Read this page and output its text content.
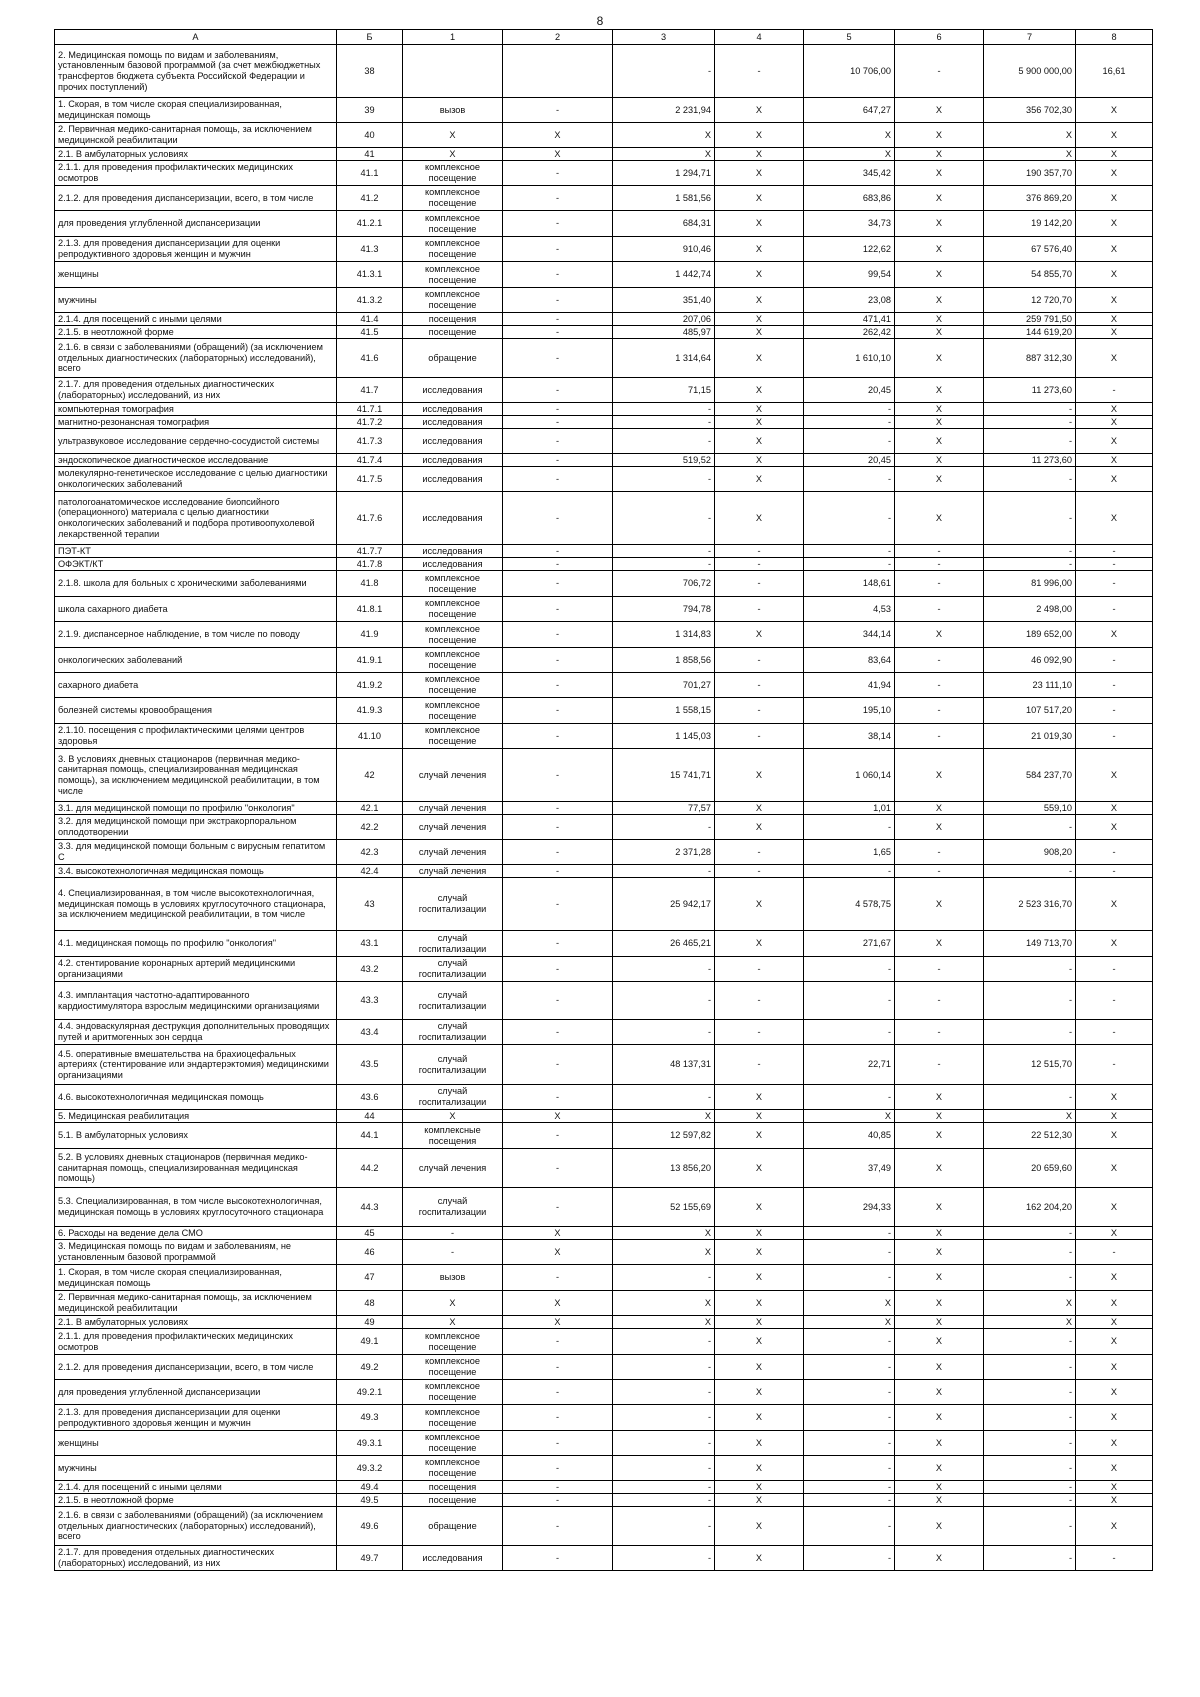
8
А	Б	1	2	3	4	5	6	7	8
2. Медицинская помощь по видам и заболеваниям, установленным базовой программой (за счет межбюджетных трансфертов бюджета субъекта Российской Федерации и прочих поступлений)	38			-	-	10 706,00	-	5 900 000,00	16,61
1. Скорая, в том числе скорая специализированная, медицинская помощь	39	вызов	-	2 231,94	X	647,27	X	356 702,30	X
2. Первичная медико-санитарная помощь, за исключением медицинской реабилитации	40	X	X	X	X	X	X	X	X
2.1. В амбулаторных условиях	41	X	X	X	X	X	X	X	X
2.1.1. для проведения профилактических медицинских осмотров	41.1	комплексное посещение	-	1 294,71	X	345,42	X	190 357,70	X
2.1.2. для проведения диспансеризации, всего, в том числе	41.2	комплексное посещение	-	1 581,56	X	683,86	X	376 869,20	X
для проведения углубленной диспансеризации	41.2.1	комплексное посещение	-	684,31	X	34,73	X	19 142,20	X
2.1.3. для проведения диспансеризации для оценки репродуктивного здоровья женщин и мужчин	41.3	комплексное посещение	-	910,46	X	122,62	X	67 576,40	X
женщины	41.3.1	комплексное посещение	-	1 442,74	X	99,54	X	54 855,70	X
мужчины	41.3.2	комплексное посещение	-	351,40	X	23,08	X	12 720,70	X
2.1.4. для посещений с иными целями	41.4	посещения	-	207,06	X	471,41	X	259 791,50	X
2.1.5. в неотложной форме	41.5	посещение	-	485,97	X	262,42	X	144 619,20	X
2.1.6. в связи с заболеваниями (обращений) (за исключением отдельных диагностических (лабораторных) исследований), всего	41.6	обращение	-	1 314,64	X	1 610,10	X	887 312,30	X
2.1.7. для проведения отдельных диагностических (лабораторных) исследований, из них	41.7	исследования	-	71,15	X	20,45	X	11 273,60	-
компьютерная томография	41.7.1	исследования	-	-	X	-	X	-	X
магнитно-резонансная томография	41.7.2	исследования	-	-	X	-	X	-	X
ультразвуковое исследование сердечно-сосудистой системы	41.7.3	исследования	-	-	X	-	X	-	X
эндоскопическое диагностическое исследование	41.7.4	исследования	-	519,52	X	20,45	X	11 273,60	X
молекулярно-генетическое исследование с целью диагностики онкологических заболеваний	41.7.5	исследования	-	-	X	-	X	-	X
патологоанатомическое исследование биопсийного (операционного) материала с целью диагностики онкологических заболеваний и подбора противоопухолевой лекарственной терапии	41.7.6	исследования	-	-	X	-	X	-	X
ПЭТ-КТ	41.7.7	исследования	-	-	-	-	-	-	-
ОФЭКТ/КТ	41.7.8	исследования	-	-	-	-	-	-	-
2.1.8. школа для больных с хроническими заболеваниями	41.8	комплексное посещение	-	706,72	-	148,61	-	81 996,00	-
школа сахарного диабета	41.8.1	комплексное посещение	-	794,78	-	4,53	-	2 498,00	-
2.1.9. диспансерное наблюдение, в том числе по поводу	41.9	комплексное посещение	-	1 314,83	X	344,14	X	189 652,00	X
онкологических заболеваний	41.9.1	комплексное посещение	-	1 858,56	-	83,64	-	46 092,90	-
сахарного диабета	41.9.2	комплексное посещение	-	701,27	-	41,94	-	23 111,10	-
болезней системы кровообращения	41.9.3	комплексное посещение	-	1 558,15	-	195,10	-	107 517,20	-
2.1.10. посещения с профилактическими целями центров здоровья	41.10	комплексное посещение	-	1 145,03	-	38,14	-	21 019,30	-
3. В условиях дневных стационаров (первичная медико-санитарная помощь, специализированная медицинская помощь), за исключением медицинской реабилитации, в том числе	42	случай лечения	-	15 741,71	X	1 060,14	X	584 237,70	X
3.1. для медицинской помощи по профилю "онкология"	42.1	случай лечения	-	77,57	X	1,01	X	559,10	X
3.2. для медицинской помощи при экстракорпоральном оплодотворении	42.2	случай лечения	-	-	X	-	X	-	X
3.3. для медицинской помощи больным с вирусным гепатитом С	42.3	случай лечения	-	2 371,28	-	1,65	-	908,20	-
3.4. высокотехнологичная медицинская помощь	42.4	случай лечения	-	-	-	-	-	-	-
4. Специализированная, в том числе высокотехнологичная, медицинская помощь в условиях круглосуточного стационара, за исключением медицинской реабилитации, в том числе	43	случай госпитализации	-	25 942,17	X	4 578,75	X	2 523 316,70	X
4.1. медицинская помощь по профилю "онкология"	43.1	случай госпитализации	-	26 465,21	X	271,67	X	149 713,70	X
4.2. стентирование коронарных артерий медицинскими организациями	43.2	случай госпитализации	-	-	-	-	-	-	-
4.3. имплантация частотно-адаптированного кардиостимулятора взрослым медицинскими организациями	43.3	случай госпитализации	-	-	-	-	-	-	-
4.4. эндоваскулярная деструкция дополнительных проводящих путей и аритмогенных зон сердца	43.4	случай госпитализации	-	-	-	-	-	-	-
4.5. оперативные вмешательства на брахиоцефальных артериях (стентирование или эндартерэктомия) медицинскими организациями	43.5	случай госпитализации	-	48 137,31	-	22,71	-	12 515,70	-
4.6. высокотехнологичная медицинская помощь	43.6	случай госпитализации	-	-	X	-	X	-	X
5. Медицинская реабилитация	44	X	X	X	X	X	X	X	X
5.1. В амбулаторных условиях	44.1	комплексные посещения	-	12 597,82	X	40,85	X	22 512,30	X
5.2. В условиях дневных стационаров (первичная медико-санитарная помощь, специализированная медицинская помощь)	44.2	случай лечения	-	13 856,20	X	37,49	X	20 659,60	X
5.3. Специализированная, в том числе высокотехнологичная, медицинская помощь в условиях круглосуточного стационара	44.3	случай госпитализации	-	52 155,69	X	294,33	X	162 204,20	X
6. Расходы на ведение дела СМО	45	-	X	X	X	-	X	-	X
3. Медицинская помощь по видам и заболеваниям, не установленным базовой программой	46	-	X	X	X	-	X	-	-
1. Скорая, в том числе скорая специализированная, медицинская помощь	47	вызов	-	-	X	-	X	-	X
2. Первичная медико-санитарная помощь, за исключением медицинской реабилитации	48	X	X	X	X	X	X	X	X
2.1. В амбулаторных условиях	49	X	X	X	X	X	X	X	X
2.1.1. для проведения профилактических медицинских осмотров	49.1	комплексное посещение	-	-	X	-	X	-	X
2.1.2. для проведения диспансеризации, всего, в том числе	49.2	комплексное посещение	-	-	X	-	X	-	X
для проведения углубленной диспансеризации	49.2.1	комплексное посещение	-	-	X	-	X	-	X
2.1.3. для проведения диспансеризации для оценки репродуктивного здоровья женщин и мужчин	49.3	комплексное посещение	-	-	X	-	X	-	X
женщины	49.3.1	комплексное посещение	-	-	X	-	X	-	X
мужчины	49.3.2	комплексное посещение	-	-	X	-	X	-	X
2.1.4. для посещений с иными целями	49.4	посещения	-	-	X	-	X	-	X
2.1.5. в неотложной форме	49.5	посещение	-	-	X	-	X	-	X
2.1.6. в связи с заболеваниями (обращений) (за исключением отдельных диагностических (лабораторных) исследований), всего	49.6	обращение	-	-	X	-	X	-	X
2.1.7. для проведения отдельных диагностических (лабораторных) исследований, из них	49.7	исследования	-	-	X	-	X	-	-
